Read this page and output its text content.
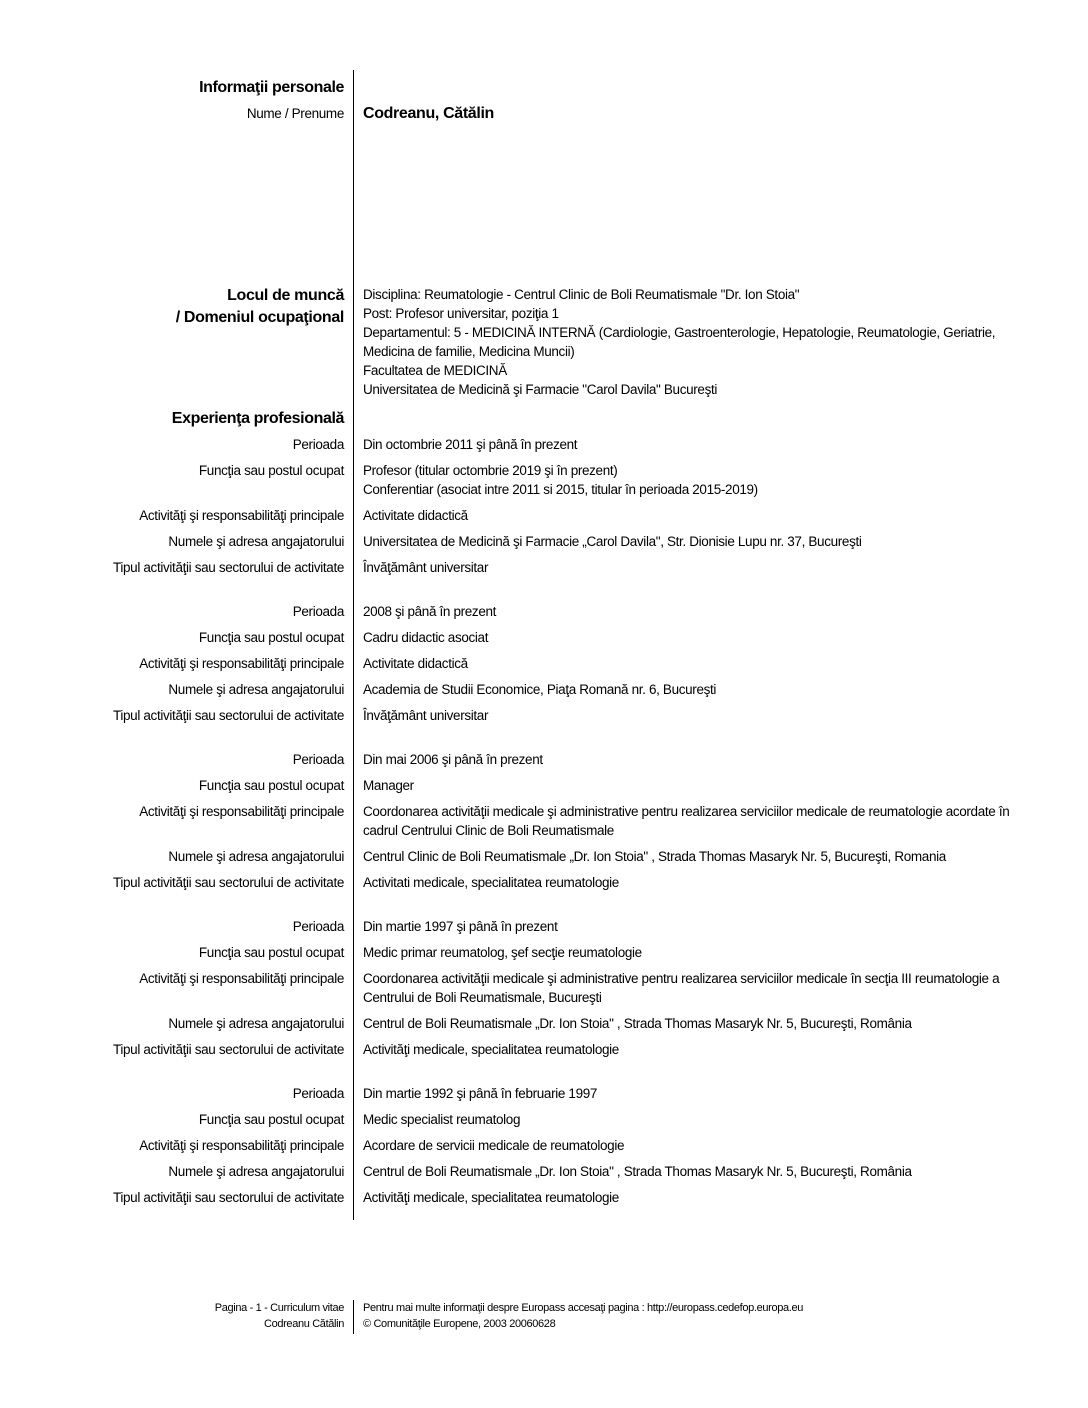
Informaţii personale
Nume / Prenume Codreanu, Cătălin
Locul de muncă
/ Domeniul ocupaţional
Disciplina: Reumatologie - Centrul Clinic de Boli Reumatismale "Dr. Ion Stoia"
Post: Profesor universitar, poziţia 1
Departamentul: 5 - MEDICINĂ INTERNĂ (Cardiologie, Gastroenterologie, Hepatologie, Reumatologie, Geriatrie, Medicina de familie, Medicina Muncii)
Facultatea de MEDICINĂ
Universitatea de Medicină şi Farmacie "Carol Davila" Bucureşti
Experienţa profesională
Perioada Din octombrie 2011 şi până în prezent
Funcţia sau postul ocupat Profesor (titular octombrie 2019 şi în prezent)
Conferentiar (asociat intre 2011 si 2015, titular în perioada 2015-2019)
Activităţi şi responsabilităţi principale Activitate didactică
Numele şi adresa angajatorului Universitatea de Medicină şi Farmacie „Carol Davila", Str. Dionisie Lupu nr. 37, Bucureşti
Tipul activităţii sau sectorului de activitate Învăţământ universitar
Perioada 2008 şi până în prezent
Funcţia sau postul ocupat Cadru didactic asociat
Activităţi şi responsabilităţi principale Activitate didactică
Numele şi adresa angajatorului Academia de Studii Economice, Piaţa Romană nr. 6, Bucureşti
Tipul activităţii sau sectorului de activitate Învăţământ universitar
Perioada Din mai 2006 şi până în prezent
Funcţia sau postul ocupat Manager
Activităţi şi responsabilităţi principale Coordonarea activităţii medicale şi administrative pentru realizarea serviciilor medicale de reumatologie acordate în cadrul Centrului Clinic de Boli Reumatismale
Numele şi adresa angajatorului Centrul Clinic de Boli Reumatismale „Dr. Ion Stoia" , Strada Thomas Masaryk Nr. 5, Bucureşti, Romania
Tipul activităţii sau sectorului de activitate Activitati medicale, specialitatea reumatologie
Perioada Din martie 1997 şi până în prezent
Funcţia sau postul ocupat Medic primar reumatolog, şef secţie reumatologie
Activităţi şi responsabilităţi principale Coordonarea activităţii medicale şi administrative pentru realizarea serviciilor medicale în secţia III reumatologie a Centrului de Boli Reumatismale, Bucureşti
Numele şi adresa angajatorului Centrul de Boli Reumatismale „Dr. Ion Stoia" , Strada Thomas Masaryk Nr. 5, Bucureşti, România
Tipul activităţii sau sectorului de activitate Activităţi medicale, specialitatea reumatologie
Perioada Din martie 1992 şi până în februarie 1997
Funcţia sau postul ocupat Medic specialist reumatolog
Activităţi şi responsabilităţi principale Acordare de servicii medicale de reumatologie
Numele şi adresa angajatorului Centrul de Boli Reumatismale „Dr. Ion Stoia" , Strada Thomas Masaryk Nr. 5, Bucureşti, România
Tipul activităţii sau sectorului de activitate Activităţi medicale, specialitatea reumatologie
Pagina - 1 - Curriculum vitae Pentru mai multe informaţii despre Europass accesaţi pagina : http://europass.cedefop.europa.eu
Codreanu Cătălin © Comunităţile Europene, 2003 20060628
